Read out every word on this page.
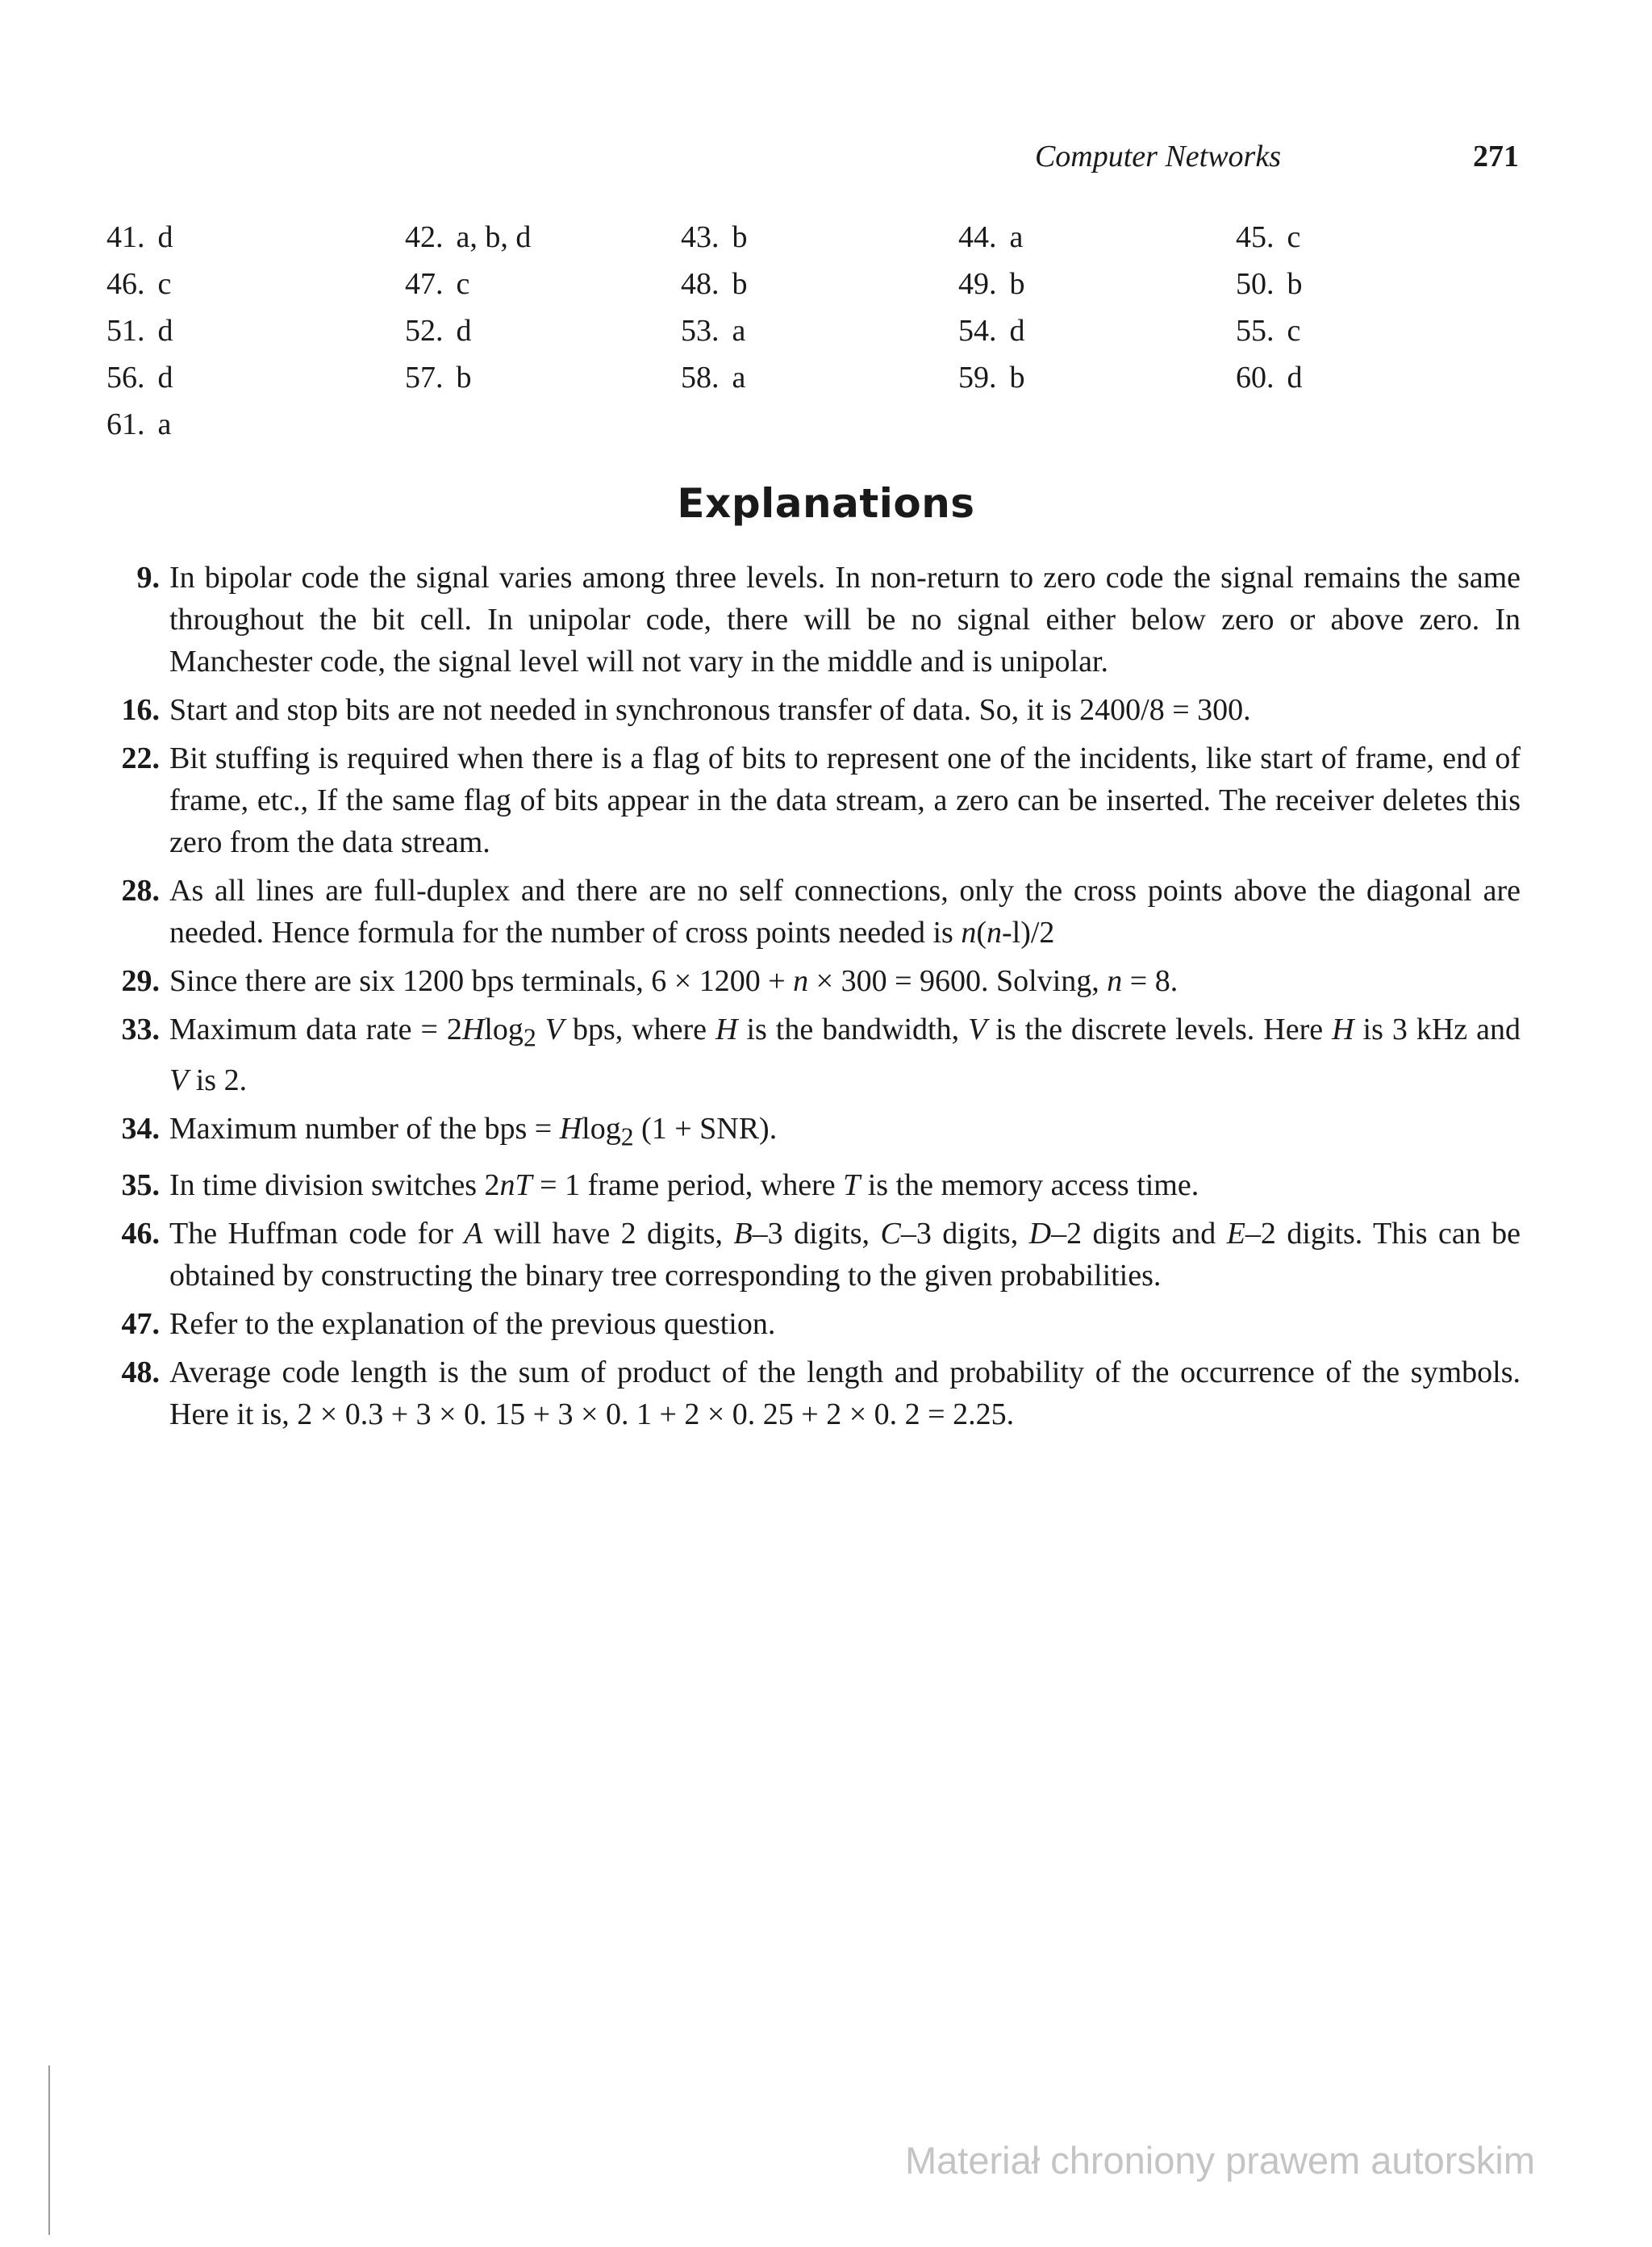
Computer Networks	271
41. d	42. a, b, d	43. b	44. a	45. c
46. c	47. c	48. b	49. b	50. b
51. d	52. d	53. a	54. d	55. c
56. d	57. b	58. a	59. b	60. d
61. a
Explanations
9. In bipolar code the signal varies among three levels. In non-return to zero code the signal remains the same throughout the bit cell. In unipolar code, there will be no signal either below zero or above zero. In Manchester code, the signal level will not vary in the middle and is unipolar.
16. Start and stop bits are not needed in synchronous transfer of data. So, it is 2400/8 = 300.
22. Bit stuffing is required when there is a flag of bits to represent one of the incidents, like start of frame, end of frame, etc., If the same flag of bits appear in the data stream, a zero can be inserted. The receiver deletes this zero from the data stream.
28. As all lines are full-duplex and there are no self connections, only the cross points above the diagonal are needed. Hence formula for the number of cross points needed is n(n-l)/2
29. Since there are six 1200 bps terminals, 6 × 1200 + n × 300 = 9600. Solving, n = 8.
33. Maximum data rate = 2Hlog$_2$ V bps, where H is the bandwidth, V is the discrete levels. Here H is 3 kHz and V is 2.
34. Maximum number of the bps = Hlog$_2$ (1 + SNR).
35. In time division switches 2nT = 1 frame period, where T is the memory access time.
46. The Huffman code for A will have 2 digits, B–3 digits, C–3 digits, D–2 digits and E–2 digits. This can be obtained by constructing the binary tree corresponding to the given probabilities.
47. Refer to the explanation of the previous question.
48. Average code length is the sum of product of the length and probability of the occurrence of the symbols. Here it is, 2 × 0.3 + 3 × 0. 15 + 3 × 0. 1 + 2 × 0. 25 + 2 × 0. 2 = 2.25.
Materiał chroniony prawem autorskim
